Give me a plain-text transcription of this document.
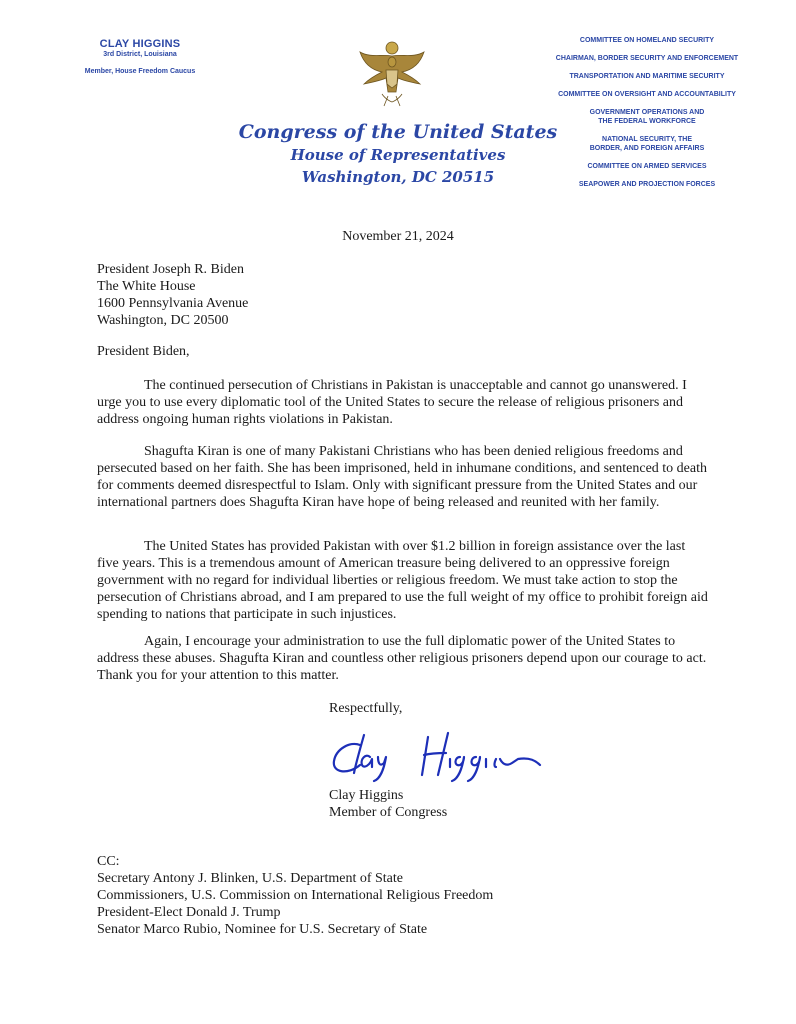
CLAY HIGGINS
3rd District, Louisiana
Member, House Freedom Caucus
Congress of the United States
House of Representatives
Washington, DC 20515
COMMITTEE ON HOMELAND SECURITY
CHAIRMAN, BORDER SECURITY AND ENFORCEMENT
TRANSPORTATION AND MARITIME SECURITY
COMMITTEE ON OVERSIGHT AND ACCOUNTABILITY
GOVERNMENT OPERATIONS AND
THE FEDERAL WORKFORCE
NATIONAL SECURITY, THE
BORDER, AND FOREIGN AFFAIRS
COMMITTEE ON ARMED SERVICES
SEAPOWER AND PROJECTION FORCES
November 21, 2024
President Joseph R. Biden
The White House
1600 Pennsylvania Avenue
Washington, DC 20500
President Biden,
The continued persecution of Christians in Pakistan is unacceptable and cannot go unanswered. I urge you to use every diplomatic tool of the United States to secure the release of religious prisoners and address ongoing human rights violations in Pakistan.
Shagufta Kiran is one of many Pakistani Christians who has been denied religious freedoms and persecuted based on her faith. She has been imprisoned, held in inhumane conditions, and sentenced to death for comments deemed disrespectful to Islam. Only with significant pressure from the United States and our international partners does Shagufta Kiran have hope of being released and reunited with her family.
The United States has provided Pakistan with over $1.2 billion in foreign assistance over the last five years. This is a tremendous amount of American treasure being delivered to an oppressive foreign government with no regard for individual liberties or religious freedom. We must take action to stop the persecution of Christians abroad, and I am prepared to use the full weight of my office to prohibit foreign aid spending to nations that participate in such injustices.
Again, I encourage your administration to use the full diplomatic power of the United States to address these abuses. Shagufta Kiran and countless other religious prisoners depend upon our courage to act. Thank you for your attention to this matter.
Respectfully,
Clay Higgins
Member of Congress
CC:
Secretary Antony J. Blinken, U.S. Department of State
Commissioners, U.S. Commission on International Religious Freedom
President-Elect Donald J. Trump
Senator Marco Rubio, Nominee for U.S. Secretary of State
